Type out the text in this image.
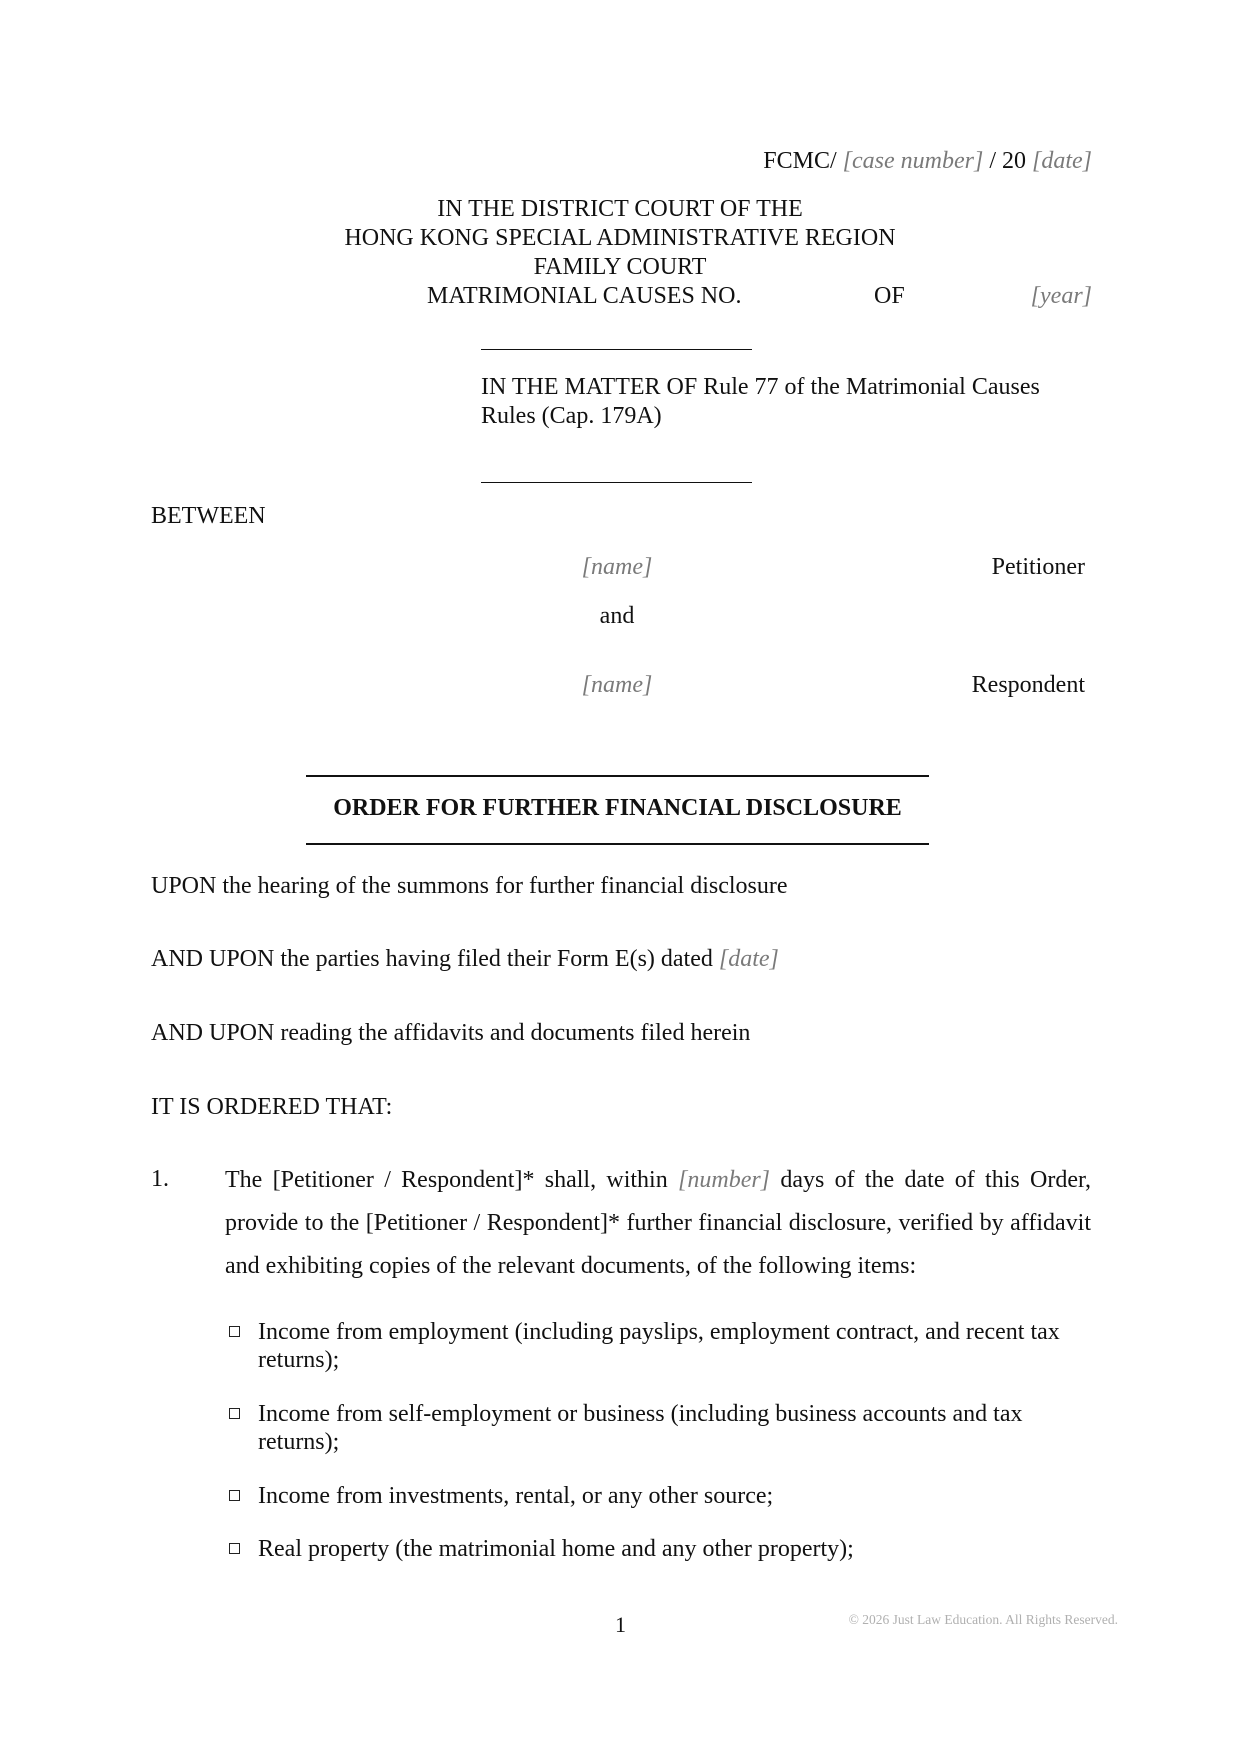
FCMC/ [case number] / 20 [date]
IN THE DISTRICT COURT OF THE
HONG KONG SPECIAL ADMINISTRATIVE REGION
FAMILY COURT
MATRIMONIAL CAUSES NO.	OF	[year]
IN THE MATTER OF Rule 77 of the Matrimonial Causes
Rules (Cap. 179A)
BETWEEN
[name]	Petitioner
and
[name]	Respondent
ORDER FOR FURTHER FINANCIAL DISCLOSURE
UPON the hearing of the summons for further financial disclosure
AND UPON the parties having filed their Form E(s) dated [date]
AND UPON reading the affidavits and documents filed herein
IT IS ORDERED THAT:
1. The [Petitioner / Respondent]* shall, within [number] days of the date of this Order, provide to the [Petitioner / Respondent]* further financial disclosure, verified by affidavit and exhibiting copies of the relevant documents, of the following items:
Income from employment (including payslips, employment contract, and recent tax returns);
Income from self-employment or business (including business accounts and tax returns);
Income from investments, rental, or any other source;
Real property (the matrimonial home and any other property);
1	© 2026 Just Law Education. All Rights Reserved.
